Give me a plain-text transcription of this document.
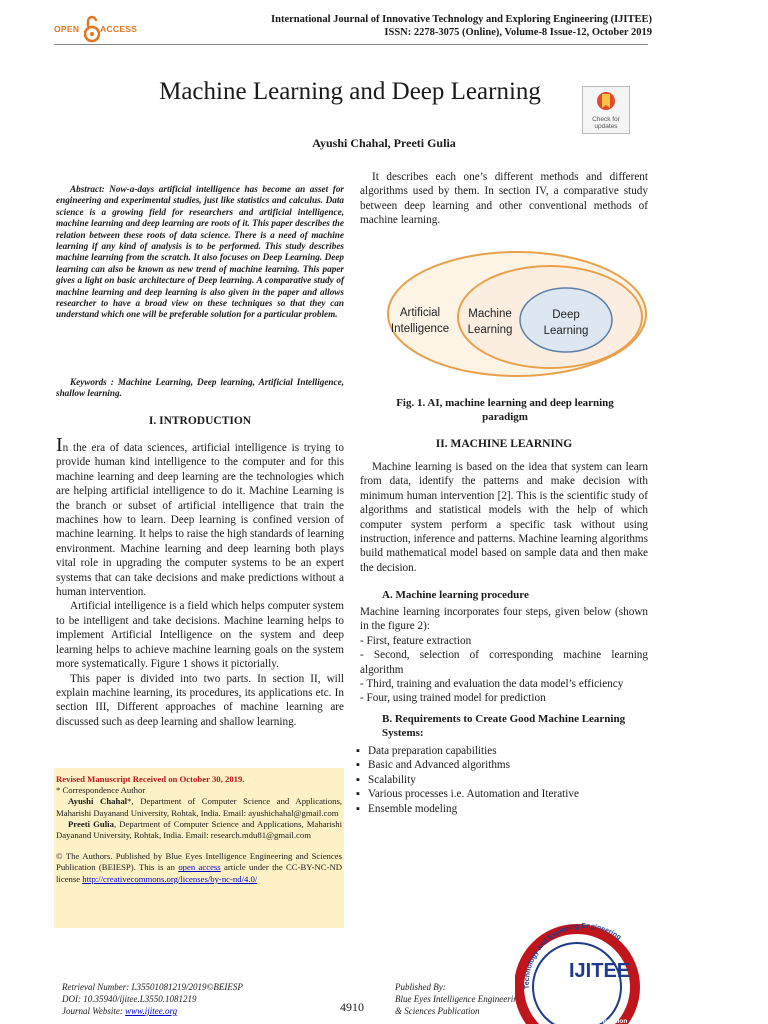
OPEN ACCESS
International Journal of Innovative Technology and Exploring Engineering (IJITEE)
ISSN: 2278-3075 (Online), Volume-8 Issue-12, October 2019
Machine Learning and Deep Learning
Check for updates
Ayushi Chahal, Preeti Gulia
Abstract: Now-a-days artificial intelligence has become an asset for engineering and experimental studies, just like statistics and calculus. Data science is a growing field for researchers and artificial intelligence, machine learning and deep learning are roots of it. This paper describes the relation between these roots of data science. There is a need of machine learning if any kind of analysis is to be performed. This study describes machine learning from the scratch. It also focuses on Deep Learning. Deep learning can also be known as new trend of machine learning. This paper gives a light on basic architecture of Deep learning. A comparative study of machine learning and deep learning is also given in the paper and allows researcher to have a broad view on these techniques so that they can understand which one will be preferable solution for a particular problem.
Keywords : Machine Learning, Deep learning, Artificial Intelligence, shallow learning.
I. INTRODUCTION

In the era of data sciences, artificial intelligence is trying to provide human kind intelligence to the computer and for this machine learning and deep learning are the technologies which are helping artificial intelligence to do it. Machine Learning is the branch or subset of artificial intelligence that train the machines how to learn. Deep learning is confined version of machine learning. It helps to raise the high standards of learning environment. Machine learning and deep learning both plays vital role in upgrading the computer systems to be an expert systems that can take decisions and make predictions without a human intervention.

Artificial intelligence is a field which helps computer system to be intelligent and take decisions. Machine learning helps to implement Artificial Intelligence on the system and deep learning helps to achieve machine learning goals on the system more systematically. Figure 1 shows it pictorially.

This paper is divided into two parts. In section II, will explain machine learning, its procedures, its applications etc. In section III, Different approaches of machine learning are discussed such as deep learning and shallow learning.

Revised Manuscript Received on October 30, 2019.

* Correspondence Author

Ayushi Chahal*, Department of Computer Science and Applications, Maharishi Dayanand University, Rohtak, India. Email: ayushichahal@gmail.com

Preeti Gulia, Department of Computer Science and Applications, Maharishi Dayanand University, Rohtak, India. Email: research.mdu81@gmail.com

© The Authors. Published by Blue Eyes Intelligence Engineering and Sciences Publication (BEIESP). This is an open access article under the CC-BY-NC-ND license http://creativecommons.org/licenses/by-nc-nd/4.0/

It describes each one’s different methods and different algorithms used by them. In section IV, a comparative study between deep learning and other conventional methods of machine learning.

Artificial
Intelligence
Machine
Learning
Deep
Learning
Fig. 1. AI, machine learning and deep learning paradigm
II. MACHINE LEARNING

Machine learning is based on the idea that system can learn from data, identify the patterns and make decision with minimum human intervention [2]. This is the scientific study of algorithms and statistical models with the help of which computer system perform a specific task without using instruction, inference and patterns. Machine learning algorithms build mathematical model based on sample data and then make the decision.

A. Machine learning procedure

Machine learning incorporates four steps, given below (shown in the figure 2):

- First, feature extraction

- Second, selection of corresponding machine learning algorithm

- Third, training and evaluation the data model’s efficiency

- Four, using trained model for prediction

B. Requirements to Create Good Machine Learning Systems:
▪ Data preparation capabilities
▪ Basic and Advanced algorithms
▪ Scalability
▪ Various processes i.e. Automation and Iterative
▪ Ensemble modeling
Retrieval Number: L35501081219/2019©BEIESP
DOI: 10.35940/ijitee.L3550.1081219
Journal Website: www.ijitee.org	4910
Published By:
Blue Eyes Intelligence Engineering
& Sciences Publication
Technology and Exploring Engineering
IJITEE
Exploring Innovation
